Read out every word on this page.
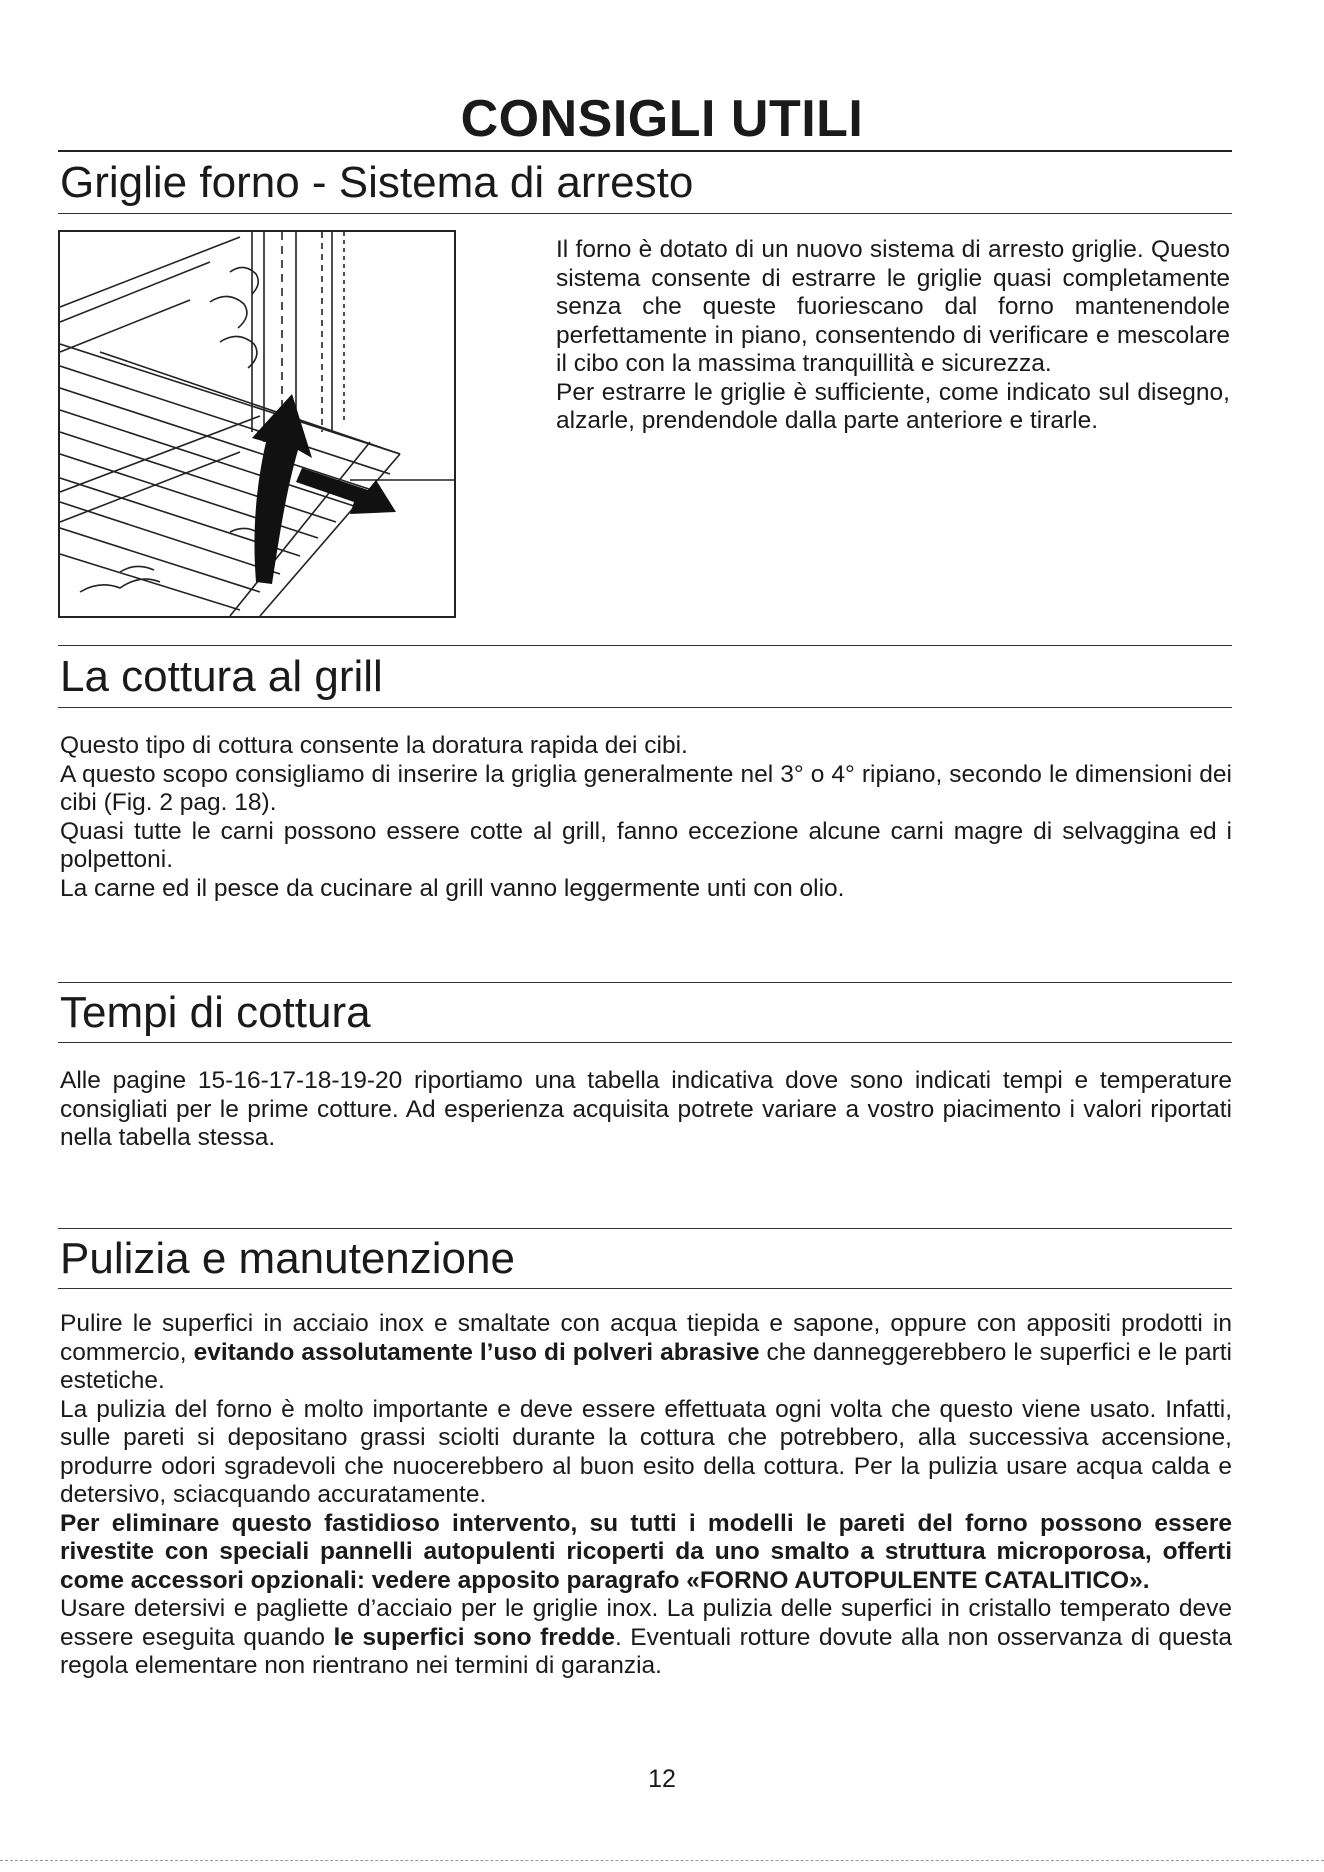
CONSIGLI UTILI
Griglie forno - Sistema di arresto

Il forno è dotato di un nuovo sistema di arresto griglie. Questo sistema consente di estrarre le griglie quasi completamente senza che queste fuoriescano dal forno mantenendole perfettamente in piano, consentendo di verificare e mescolare il cibo con la massima tranquillità e sicurezza.

Per estrarre le griglie è sufficiente, come indicato sul disegno, alzarle, prendendole dalla parte anteriore e tirarle.

La cottura al grill

Questo tipo di cottura consente la doratura rapida dei cibi.

A questo scopo consigliamo di inserire la griglia generalmente nel 3° o 4° ripiano, secondo le dimensioni dei cibi (Fig. 2 pag. 18).

Quasi tutte le carni possono essere cotte al grill, fanno eccezione alcune carni magre di selvaggina ed i polpettoni.

La carne ed il pesce da cucinare al grill vanno leggermente unti con olio.

Tempi di cottura

Alle pagine 15-16-17-18-19-20 riportiamo una tabella indicativa dove sono indicati tempi e temperature consigliati per le prime cotture. Ad esperienza acquisita potrete variare a vostro piacimento i valori riportati nella tabella stessa.

Pulizia e manutenzione

Pulire le superfici in acciaio inox e smaltate con acqua tiepida e sapone, oppure con appositi prodotti in commercio, evitando assolutamente l’uso di polveri abrasive che danneggerebbero le superfici e le parti estetiche.

La pulizia del forno è molto importante e deve essere effettuata ogni volta che questo viene usato. Infatti, sulle pareti si depositano grassi sciolti durante la cottura che potrebbero, alla successiva accensione, produrre odori sgradevoli che nuocerebbero al buon esito della cottura. Per la pulizia usare acqua calda e detersivo, sciacquando accuratamente.

Per eliminare questo fastidioso intervento, su tutti i modelli le pareti del forno possono essere rivestite con speciali pannelli autopulenti ricoperti da uno smalto a struttura microporosa, offerti come accessori opzionali: vedere apposito paragrafo «FORNO AUTOPULENTE CATALITICO».

Usare detersivi e pagliette d’acciaio per le griglie inox. La pulizia delle superfici in cristallo temperato deve essere eseguita quando le superfici sono fredde. Eventuali rotture dovute alla non osservanza di questa regola elementare non rientrano nei termini di garanzia.

12
